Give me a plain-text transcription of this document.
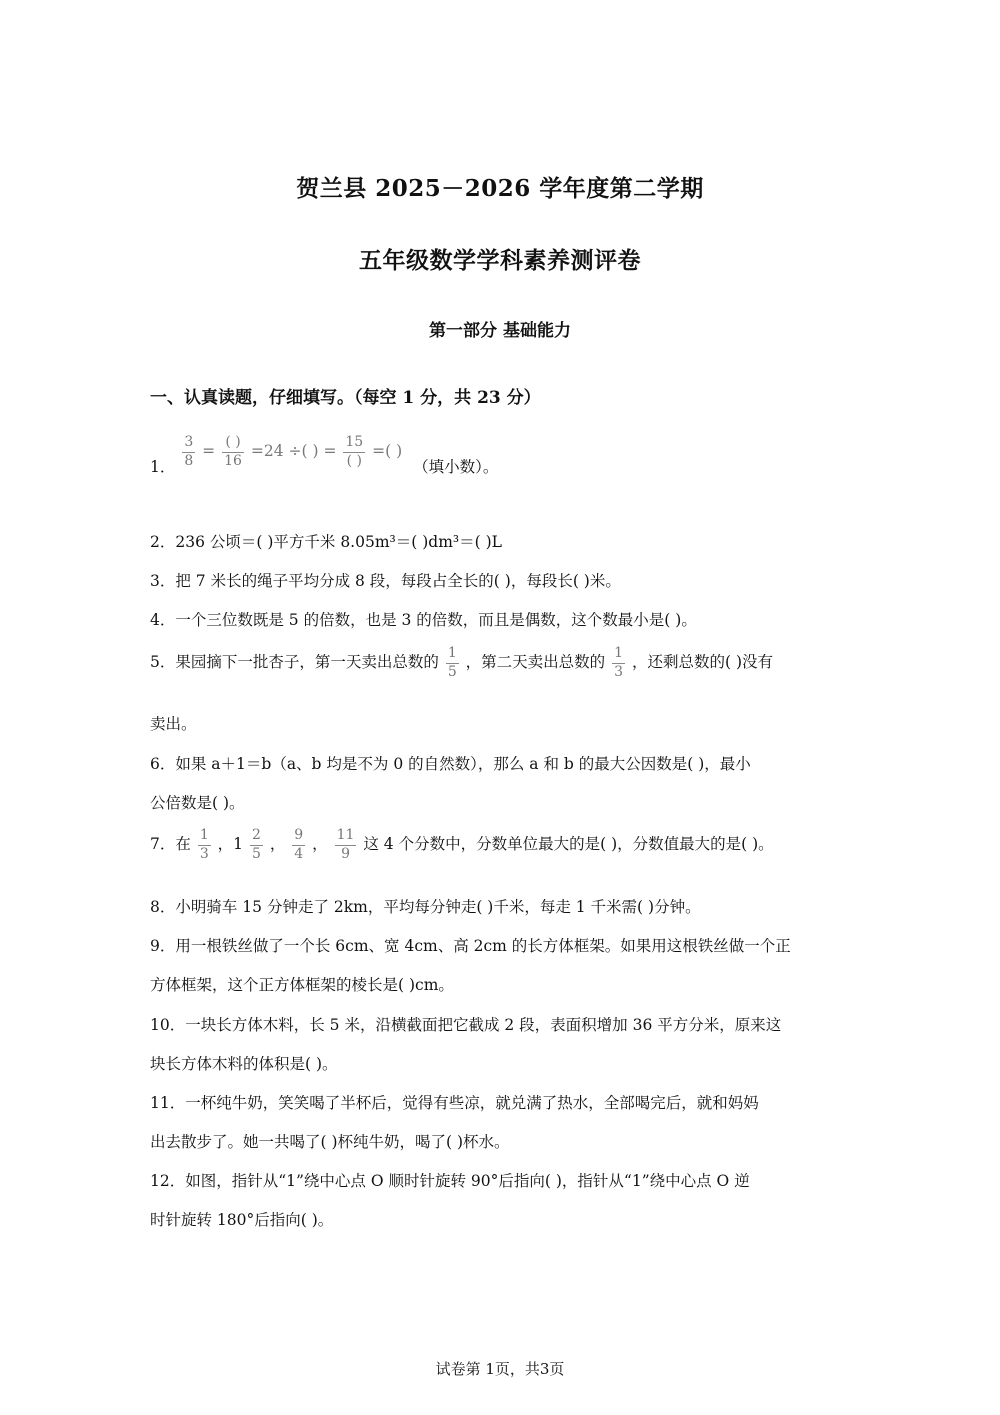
贺兰县 2025－2026 学年度第二学期
五年级数学学科素养测评卷
第一部分 基础能力
一、认真读题，仔细填写。（每空 1 分，共 23 分）
1． $\frac{3}{8} = \frac{( )}{16} =24$ ÷( ) = $\frac{15}{( )}$ =( ) （填小数）。
2．236 公顷＝( )平方千米 8.05m³＝( )dm³＝( )L
3．把 7 米长的绳子平均分成 8 段，每段占全长的( )，每段长( )米。
4．一个三位数既是 5 的倍数，也是 3 的倍数，而且是偶数，这个数最小是( )。
5．果园摘下一批杏子，第一天卖出总数的 $\frac{1}{5}$ ，第二天卖出总数的 $\frac{1}{3}$ ，还剩总数的( )没有
卖出。
6．如果 a＋1＝b（a、b 均是不为 0 的自然数），那么 a 和 b 的最大公因数是( )，最小
公倍数是( )。
7．在 $\frac{1}{3}$ ，$1 \frac{2}{5}$ ， $\frac{9}{4}$ ， $\frac{11}{9}$ 这 4 个分数中，分数单位最大的是( )，分数值最大的是( )。
8．小明骑车 15 分钟走了 2km，平均每分钟走( )千米，每走 1 千米需( )分钟。
9．用一根铁丝做了一个长 6cm、宽 4cm、高 2cm 的长方体框架。如果用这根铁丝做一个正
方体框架，这个正方体框架的棱长是( )cm。
10．一块长方体木料，长 5 米，沿横截面把它截成 2 段，表面积增加 36 平方分米，原来这
块长方体木料的体积是( )。
11．一杯纯牛奶，笑笑喝了半杯后，觉得有些凉，就兑满了热水，全部喝完后，就和妈妈
出去散步了。她一共喝了( )杯纯牛奶，喝了( )杯水。
12．如图，指针从“1”绕中心点 O 顺时针旋转 90°后指向( )，指针从“1”绕中心点 O 逆
时针旋转 180°后指向( )。
试卷第 1页，共3页
